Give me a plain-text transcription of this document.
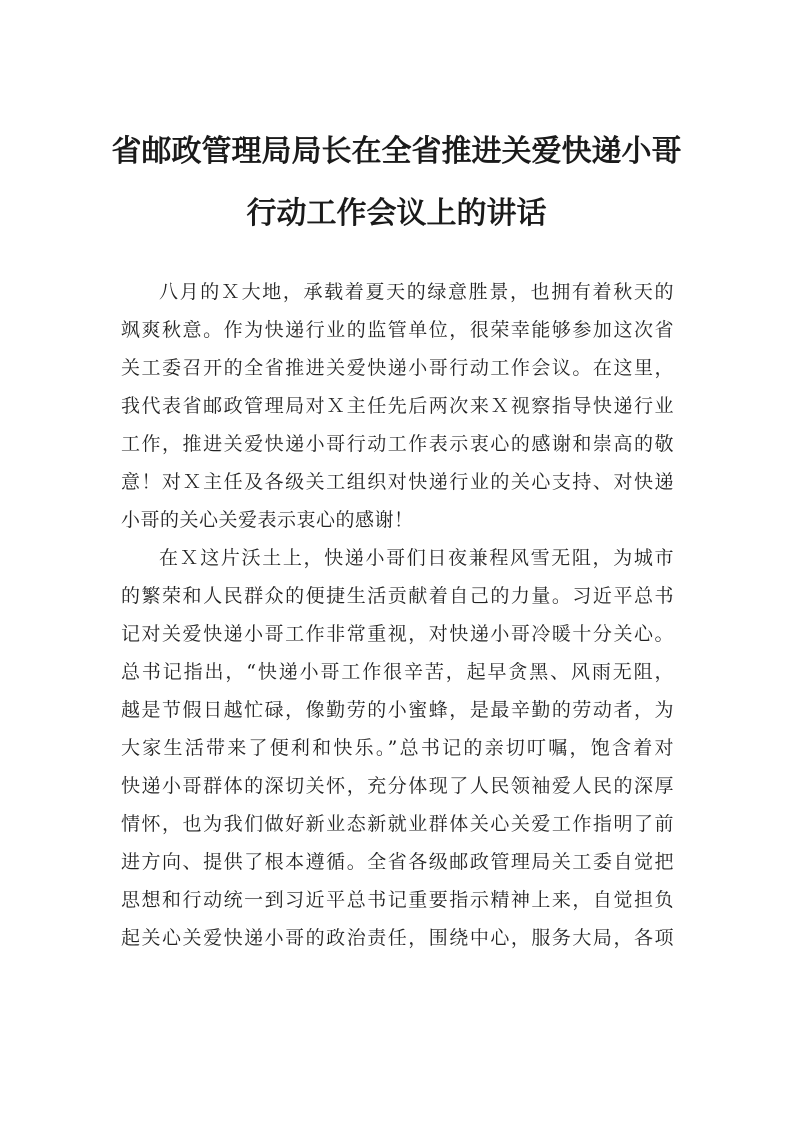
省邮政管理局局长在全省推进关爱快递小哥
行动工作会议上的讲话
八月的Ｘ大地，承载着夏天的绿意胜景，也拥有着秋天的
飒爽秋意。作为快递行业的监管单位，很荣幸能够参加这次省
关工委召开的全省推进关爱快递小哥行动工作会议。在这里，
我代表省邮政管理局对Ｘ主任先后两次来Ｘ视察指导快递行业
工作，推进关爱快递小哥行动工作表示衷心的感谢和崇高的敬
意！对Ｘ主任及各级关工组织对快递行业的关心支持、对快递
小哥的关心关爱表示衷心的感谢！
在Ｘ这片沃土上，快递小哥们日夜兼程风雪无阻，为城市
的繁荣和人民群众的便捷生活贡献着自己的力量。习近平总书
记对关爱快递小哥工作非常重视，对快递小哥冷暖十分关心。
总书记指出，“快递小哥工作很辛苦，起早贪黑、风雨无阻，
越是节假日越忙碌，像勤劳的小蜜蜂，是最辛勤的劳动者，为
大家生活带来了便利和快乐。”总书记的亲切叮嘱，饱含着对
快递小哥群体的深切关怀，充分体现了人民领袖爱人民的深厚
情怀，也为我们做好新业态新就业群体关心关爱工作指明了前
进方向、提供了根本遵循。全省各级邮政管理局关工委自觉把
思想和行动统一到习近平总书记重要指示精神上来，自觉担负
起关心关爱快递小哥的政治责任，围绕中心，服务大局，各项
